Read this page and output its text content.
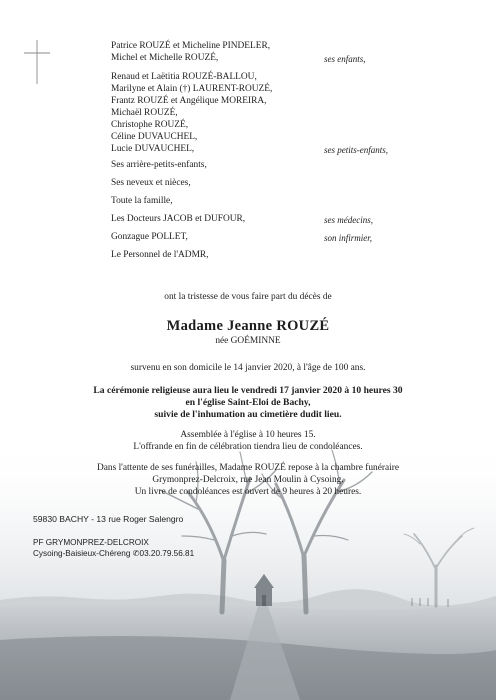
Patrice ROUZÉ et Micheline PINDELER,
Michel et Michelle ROUZÉ,	ses enfants,
Renaud et Laëtitia ROUZÉ-BALLOU,
Marilyne et Alain (†) LAURENT-ROUZÉ,
Frantz ROUZÉ et Angélique MOREIRA,
Michaël ROUZÉ,
Christophe ROUZÉ,
Céline DUVAUCHEL,
Lucie DUVAUCHEL,	ses petits-enfants,
Ses arrière-petits-enfants,
Ses neveux et nièces,
Toute la famille,
Les Docteurs JACOB et DUFOUR,	ses médecins,
Gonzague POLLET,	son infirmier,
Le Personnel de l'ADMR,
ont la tristesse de vous faire part du décès de
Madame Jeanne ROUZÉ
née GOÉMINNE
survenu en son domicile le 14 janvier 2020, à l'âge de 100 ans.
La cérémonie religieuse aura lieu le vendredi 17 janvier 2020 à 10 heures 30
en l'église Saint-Eloi de Bachy,
suivie de l'inhumation au cimetière dudit lieu.
Assemblée à l'église à 10 heures 15.
L'offrande en fin de célébration tiendra lieu de condoléances.
Dans l'attente de ses funérailles, Madame ROUZÉ repose à la chambre funéraire
Grymonprez-Delcroix, rue Jean Moulin à Cysoing.
Un livre de condoléances est ouvert de 9 heures à 20 heures.
59830 BACHY - 13 rue Roger Salengro
PF GRYMONPREZ-DELCROIX
Cysoing-Baisieux-Chéreng ✆03.20.79.56.81
